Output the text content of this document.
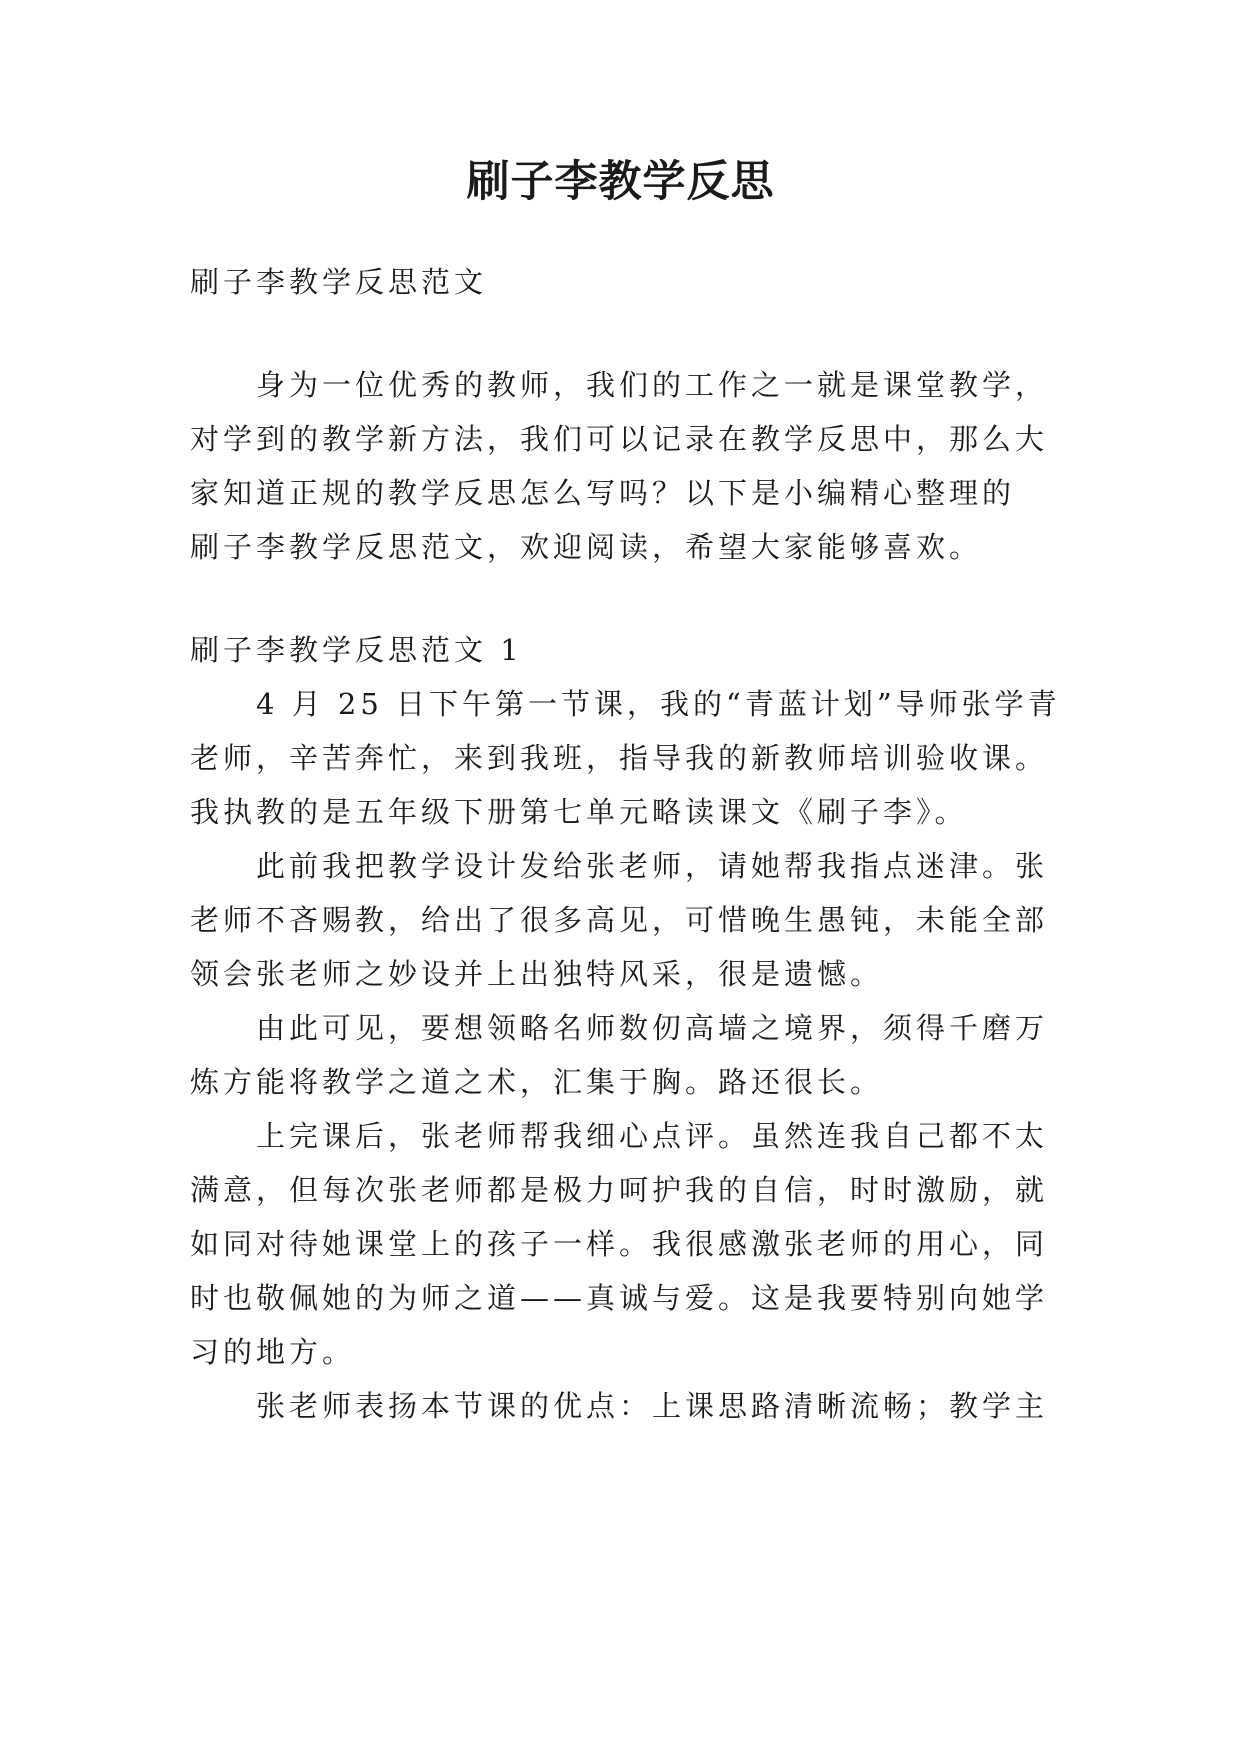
刷子李教学反思

刷子李教学反思范文

身为一位优秀的教师，我们的工作之一就是课堂教学，

对学到的教学新方法，我们可以记录在教学反思中，那么大

家知道正规的教学反思怎么写吗？以下是小编精心整理的

刷子李教学反思范文，欢迎阅读，希望大家能够喜欢。

刷子李教学反思范文 1

4 月 25 日下午第一节课，我的“青蓝计划”导师张学青

老师，辛苦奔忙，来到我班，指导我的新教师培训验收课。

我执教的是五年级下册第七单元略读课文《刷子李》。

此前我把教学设计发给张老师，请她帮我指点迷津。张

老师不吝赐教，给出了很多高见，可惜晚生愚钝，未能全部

领会张老师之妙设并上出独特风采，很是遗憾。

由此可见，要想领略名师数仞高墙之境界，须得千磨万

炼方能将教学之道之术，汇集于胸。路还很长。

上完课后，张老师帮我细心点评。虽然连我自己都不太

满意，但每次张老师都是极力呵护我的自信，时时激励，就

如同对待她课堂上的孩子一样。我很感激张老师的用心，同

时也敬佩她的为师之道——真诚与爱。这是我要特别向她学

习的地方。

张老师表扬本节课的优点：上课思路清晰流畅；教学主
